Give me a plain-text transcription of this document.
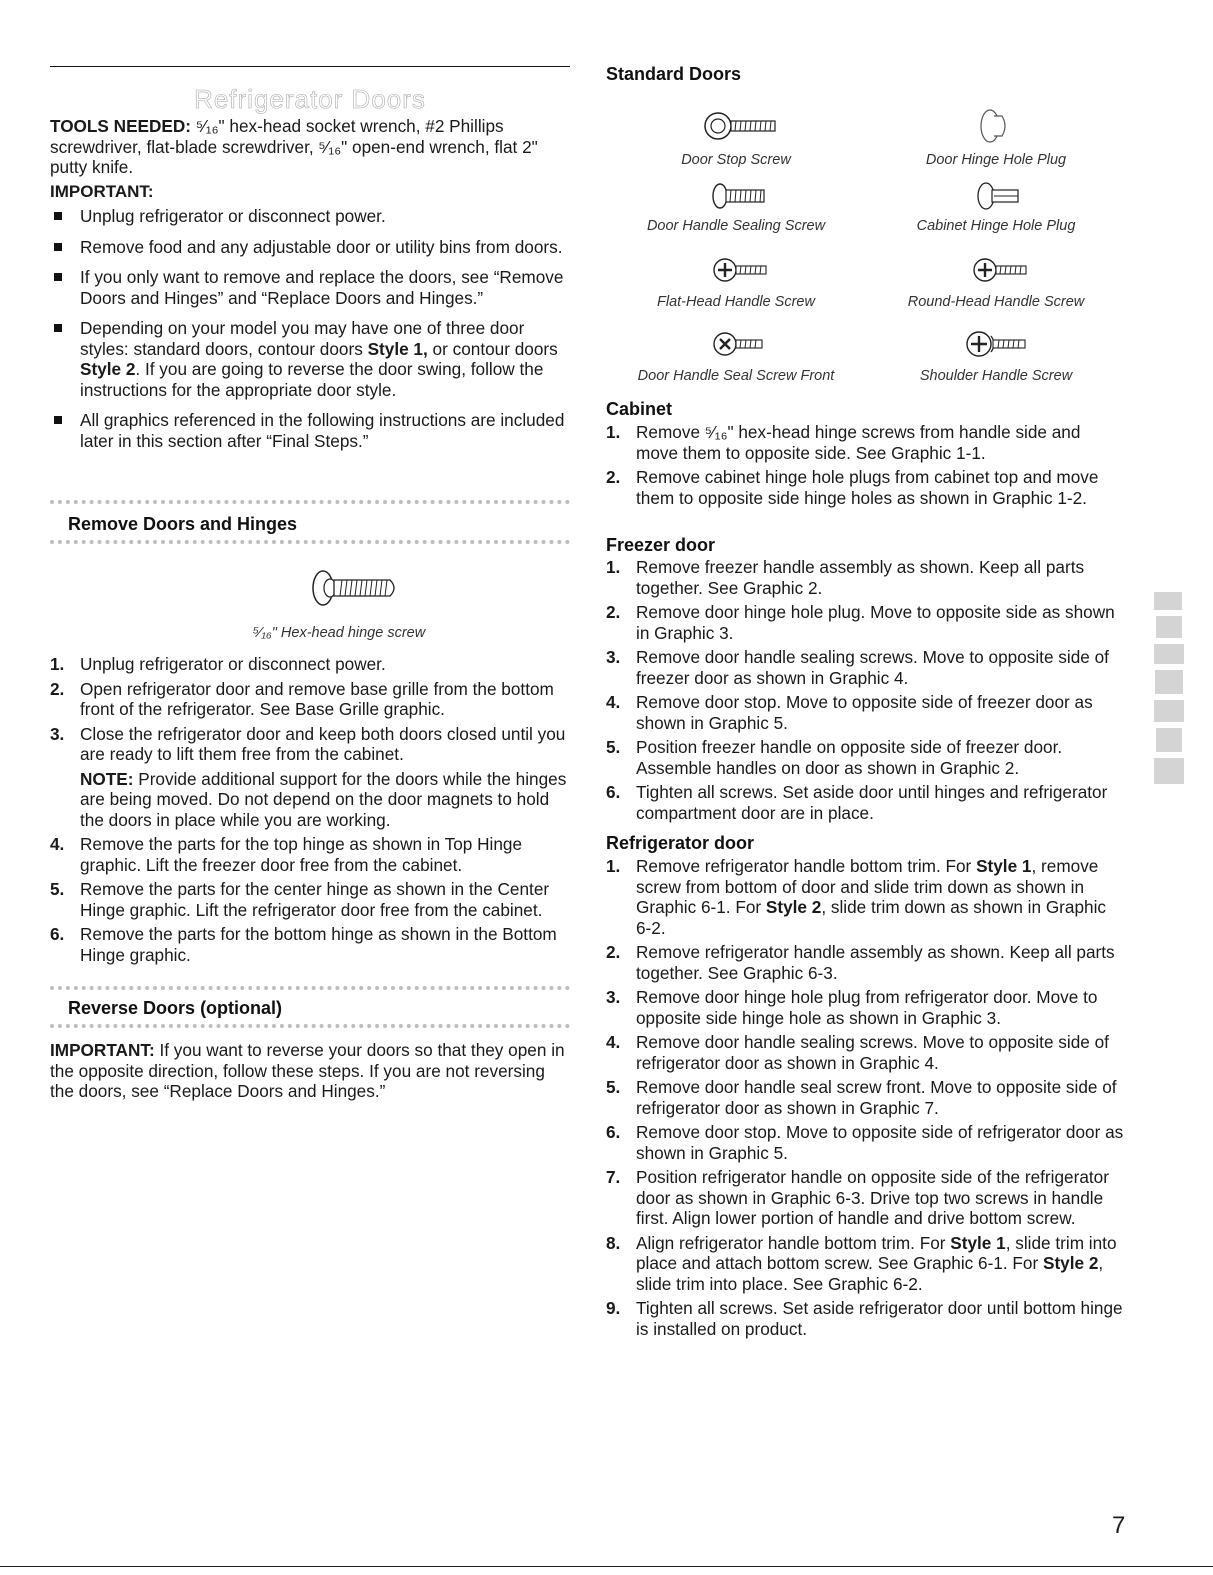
Refrigerator Doors

TOOLS NEEDED: ⁵⁄₁₆" hex-head socket wrench, #2 Phillips screwdriver, flat-blade screwdriver, ⁵⁄₁₆" open-end wrench, flat 2" putty knife.

IMPORTANT:
Unplug refrigerator or disconnect power.
Remove food and any adjustable door or utility bins from doors.
If you only want to remove and replace the doors, see “Remove Doors and Hinges” and “Replace Doors and Hinges.”
Depending on your model you may have one of three door styles: standard doors, contour doors Style 1, or contour doors Style 2. If you are going to reverse the door swing, follow the instructions for the appropriate door style.
All graphics referenced in the following instructions are included later in this section after “Final Steps.”
Remove Doors and Hinges
⁵⁄₁₆" Hex-head hinge screw
1. Unplug refrigerator or disconnect power.
2. Open refrigerator door and remove base grille from the bottom front of the refrigerator. See Base Grille graphic.
3. Close the refrigerator door and keep both doors closed until you are ready to lift them free from the cabinet.

NOTE: Provide additional support for the doors while the hinges are being moved. Do not depend on the door magnets to hold the doors in place while you are working.

4. Remove the parts for the top hinge as shown in Top Hinge graphic. Lift the freezer door free from the cabinet.
5. Remove the parts for the center hinge as shown in the Center Hinge graphic. Lift the refrigerator door free from the cabinet.
6. Remove the parts for the bottom hinge as shown in the Bottom Hinge graphic.
Reverse Doors (optional)

IMPORTANT: If you want to reverse your doors so that they open in the opposite direction, follow these steps. If you are not reversing the doors, see “Replace Doors and Hinges.”

Standard Doors
Door Stop Screw	Door Hinge Hole Plug
Door Handle Sealing Screw	Cabinet Hinge Hole Plug
Flat-Head Handle Screw	Round-Head Handle Screw
Door Handle Seal Screw Front	Shoulder Handle Screw
Cabinet
1. Remove ⁵⁄₁₆" hex-head hinge screws from handle side and move them to opposite side. See Graphic 1-1.
2. Remove cabinet hinge hole plugs from cabinet top and move them to opposite side hinge holes as shown in Graphic 1-2.
Freezer door
1. Remove freezer handle assembly as shown. Keep all parts together. See Graphic 2.
2. Remove door hinge hole plug. Move to opposite side as shown in Graphic 3.
3. Remove door handle sealing screws. Move to opposite side of freezer door as shown in Graphic 4.
4. Remove door stop. Move to opposite side of freezer door as shown in Graphic 5.
5. Position freezer handle on opposite side of freezer door. Assemble handles on door as shown in Graphic 2.
6. Tighten all screws. Set aside door until hinges and refrigerator compartment door are in place.
Refrigerator door
1. Remove refrigerator handle bottom trim. For Style 1, remove screw from bottom of door and slide trim down as shown in Graphic 6-1. For Style 2, slide trim down as shown in Graphic 6-2.
2. Remove refrigerator handle assembly as shown. Keep all parts together. See Graphic 6-3.
3. Remove door hinge hole plug from refrigerator door. Move to opposite side hinge hole as shown in Graphic 3.
4. Remove door handle sealing screws. Move to opposite side of refrigerator door as shown in Graphic 4.
5. Remove door handle seal screw front. Move to opposite side of refrigerator door as shown in Graphic 7.
6. Remove door stop. Move to opposite side of refrigerator door as shown in Graphic 5.
7. Position refrigerator handle on opposite side of the refrigerator door as shown in Graphic 6-3. Drive top two screws in handle first. Align lower portion of handle and drive bottom screw.
8. Align refrigerator handle bottom trim. For Style 1, slide trim into place and attach bottom screw. See Graphic 6-1. For Style 2, slide trim into place. See Graphic 6-2.
9. Tighten all screws. Set aside refrigerator door until bottom hinge is installed on product.
7
